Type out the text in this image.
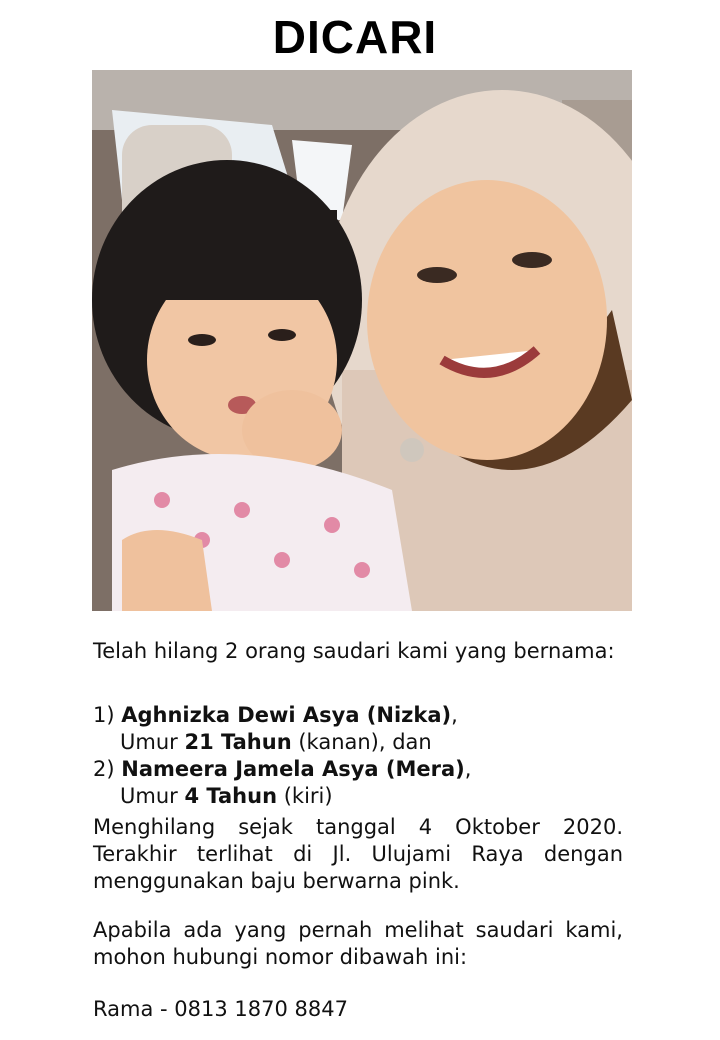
DICARI
Telah hilang 2 orang saudari kami yang bernama:
1) Aghnizka Dewi Asya (Nizka),
Umur 21 Tahun (kanan), dan
2) Nameera Jamela Asya (Mera),
Umur 4 Tahun (kiri)
Menghilang sejak tanggal 4 Oktober 2020. Terakhir terlihat di Jl. Ulujami Raya dengan menggunakan baju berwarna pink.
Apabila ada yang pernah melihat saudari kami, mohon hubungi nomor dibawah ini:
Rama - 0813 1870 8847
